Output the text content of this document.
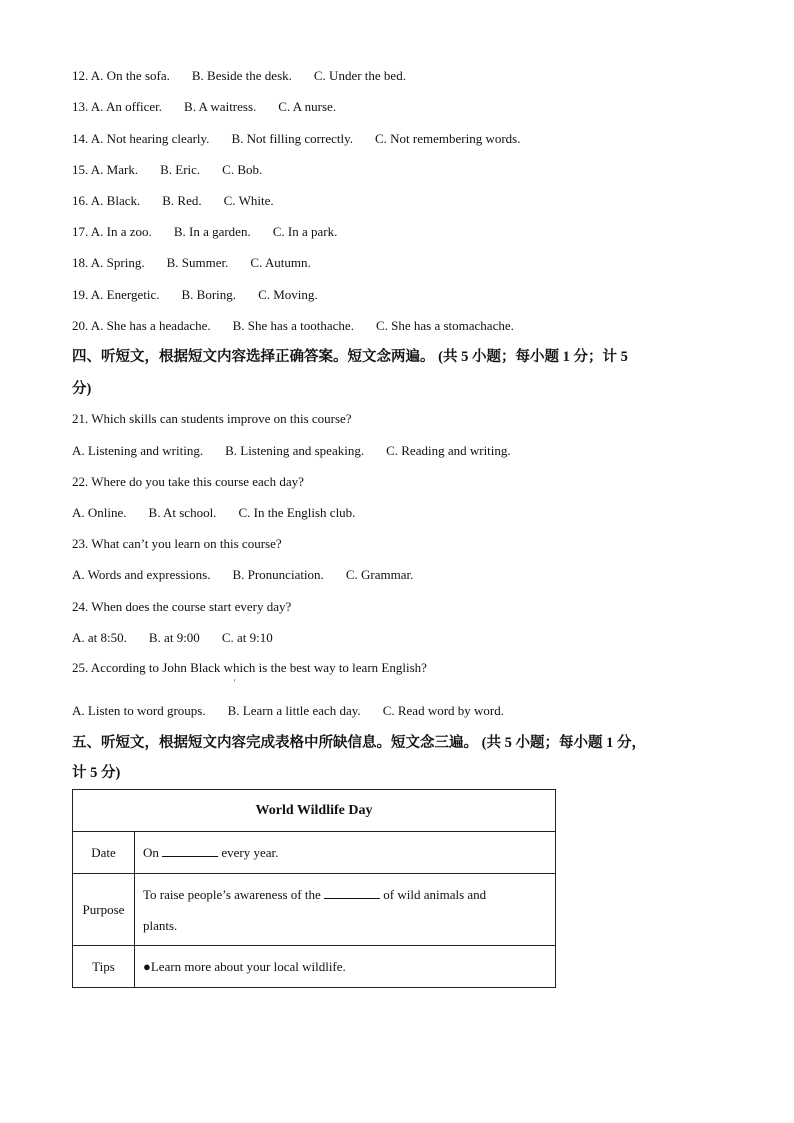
12. A. On the sofa. B. Beside the desk. C. Under the bed.
13. A. An officer. B. A waitress. C. A nurse.
14. A. Not hearing clearly. B. Not filling correctly. C. Not remembering words.
15. A. Mark. B. Eric. C. Bob.
16. A. Black. B. Red. C. White.
17. A. In a zoo. B. In a garden. C. In a park.
18. A. Spring. B. Summer. C. Autumn.
19. A. Energetic. B. Boring. C. Moving.
20. A. She has a headache. B. She has a toothache. C. She has a stomachache.
四、听短文，根据短文内容选择正确答案。短文念两遍。 (共 5 小题；每小题 1 分；计 5
分)
21. Which skills can students improve on this course?
A. Listening and writing. B. Listening and speaking. C. Reading and writing.
22. Where do you take this course each day?
A. Online. B. At school. C. In the English club.
23. What can’t you learn on this course?
A. Words and expressions. B. Pronunciation. C. Grammar.
24. When does the course start every day?
A. at 8:50. B. at 9:00 C. at 9:10
25. According to John Black which is the best way to learn English?
'
A. Listen to word groups. B. Learn a little each day. C. Read word by word.
五、听短文，根据短文内容完成表格中所缺信息。短文念三遍。 (共 5 小题；每小题 1 分，
计 5 分)
World Wildlife Day	
Date	On every year.
Purpose	To raise people’s awareness of the of wild animals and
plants.

Tips	●Learn more about your local wildlife.
